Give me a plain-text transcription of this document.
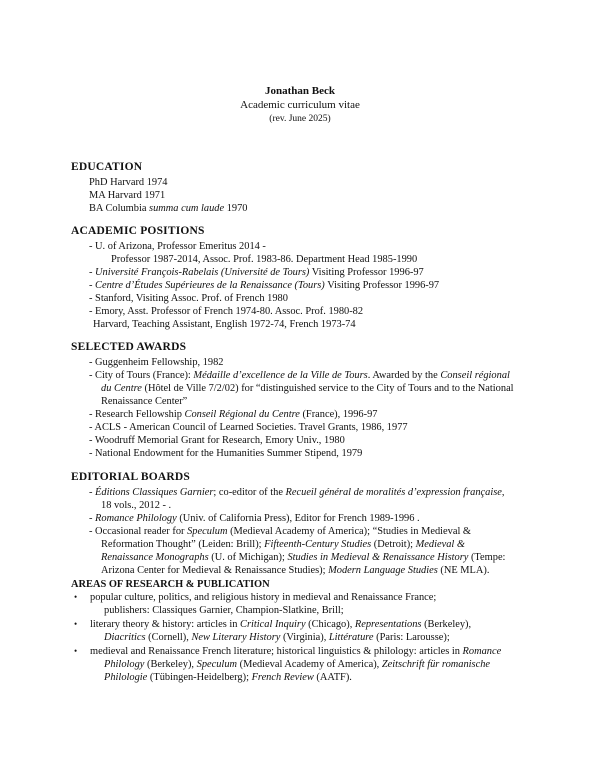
Jonathan Beck
Academic curriculum vitae
(rev. June 2025)
EDUCATION
PhD Harvard 1974
MA Harvard 1971
BA Columbia summa cum laude 1970
ACADEMIC POSITIONS
- U. of Arizona, Professor Emeritus 2014 -
Professor 1987-2014, Assoc. Prof. 1983-86. Department Head 1985-1990
- Université François-Rabelais (Université de Tours) Visiting Professor 1996-97
- Centre d’Études Supérieures de la Renaissance (Tours) Visiting Professor 1996-97
- Stanford, Visiting Assoc. Prof. of French 1980
- Emory, Asst. Professor of French 1974-80. Assoc. Prof. 1980-82
Harvard, Teaching Assistant, English 1972-74, French 1973-74
SELECTED AWARDS
- Guggenheim Fellowship, 1982
- City of Tours (France): Médaille d’excellence de la Ville de Tours. Awarded by the Conseil régional
du Centre (Hôtel de Ville 7/2/02) for “distinguished service to the City of Tours and to the National
Renaissance Center”
- Research Fellowship Conseil Régional du Centre (France), 1996-97
- ACLS - American Council of Learned Societies. Travel Grants, 1986, 1977
- Woodruff Memorial Grant for Research, Emory Univ., 1980
- National Endowment for the Humanities Summer Stipend, 1979
EDITORIAL BOARDS
- Éditions Classiques Garnier; co-editor of the Recueil général de moralités d’expression française,
18 vols., 2012 - .
- Romance Philology (Univ. of California Press), Editor for French 1989-1996 .
- Occasional reader for Speculum (Medieval Academy of America); “Studies in Medieval &
Reformation Thought” (Leiden: Brill); Fifteenth-Century Studies (Detroit); Medieval &
Renaissance Monographs (U. of Michigan); Studies in Medieval & Renaissance History (Tempe:
Arizona Center for Medieval & Renaissance Studies); Modern Language Studies (NE MLA).
AREAS OF RESEARCH & PUBLICATION
• popular culture, politics, and religious history in medieval and Renaissance France;
publishers: Classiques Garnier, Champion-Slatkine, Brill;
• literary theory & history: articles in Critical Inquiry (Chicago), Representations (Berkeley),
Diacritics (Cornell), New Literary History (Virginia), Littérature (Paris: Larousse);
• medieval and Renaissance French literature; historical linguistics & philology: articles in Romance
Philology (Berkeley), Speculum (Medieval Academy of America), Zeitschrift für romanische
Philologie (Tübingen-Heidelberg); French Review (AATF).
